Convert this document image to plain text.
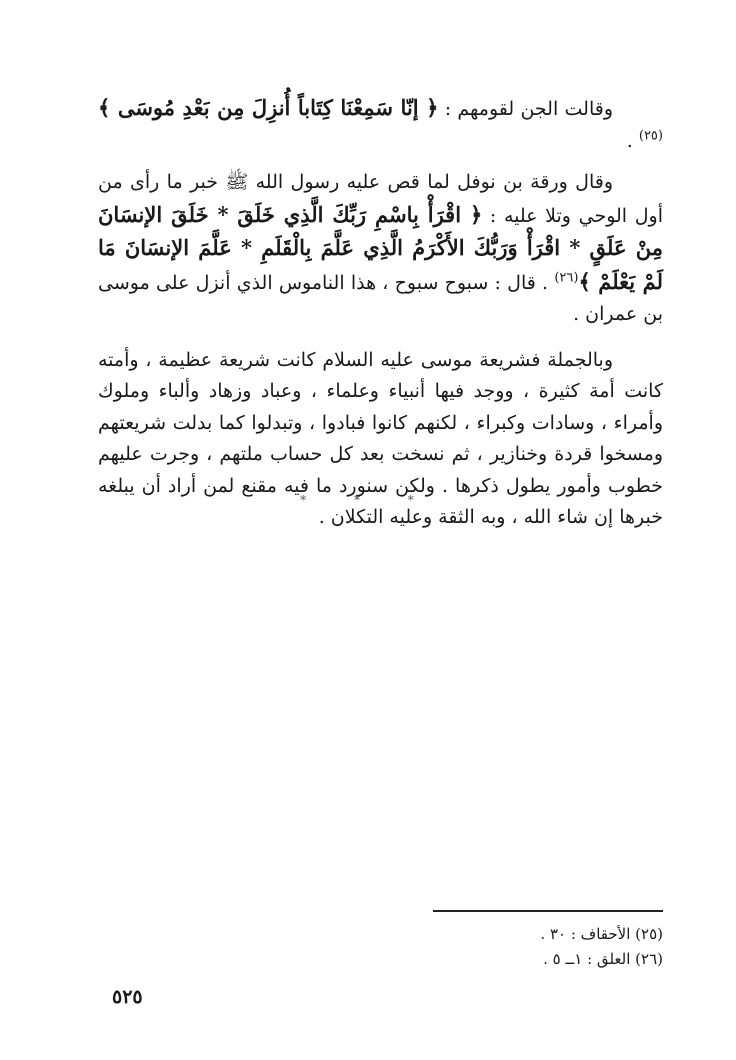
وقالت الجن لقومهم : ﴿ إنّا سَمِعْنَا كِتَاباً أُنزِلَ مِن بَعْدِ مُوسَى ﴾$^{(٢٥)}$ .

وقال ورقة بن نوفل لما قص عليه رسول الله ﷺ خبر ما رأى من أول الوحي وتلا عليه : ﴿ اقْرَأْ بِاسْمِ رَبِّكَ الَّذِي خَلَقَ * خَلَقَ الإنسَانَ مِنْ عَلَقٍ * اقْرَأْ وَرَبُّكَ الأَكْرَمُ الَّذِي عَلَّمَ بِالْقَلَمِ * عَلَّمَ الإنسَانَ مَا لَمْ يَعْلَمْ ﴾$^{(٢٦)}$ . قال : سبوح سبوح ، هذا الناموس الذي أنزل على موسى بن عمران .

وبالجملة فشريعة موسى عليه السلام كانت شريعة عظيمة ، وأمته كانت أمة كثيرة ، ووجد فيها أنبياء وعلماء ، وعباد وزهاد وألباء وملوك وأمراء ، وسادات وكبراء ، لكنهم كانوا فبادوا ، وتبدلوا كما بدلت شريعتهم ومسخوا قردة وخنازير ، ثم نسخت بعد كل حساب ملتهم ، وجرت عليهم خطوب وأمور يطول ذكرها . ولكن سنورد ما فيه مقنع لمن أراد أن يبلغه خبرها إن شاء الله ، وبه الثقة وعليه التكلان .

* * *

(٢٥) الأحقاف : ٣٠ .

(٢٦) العلق : ١ــ ٥ .

٥٢٥
